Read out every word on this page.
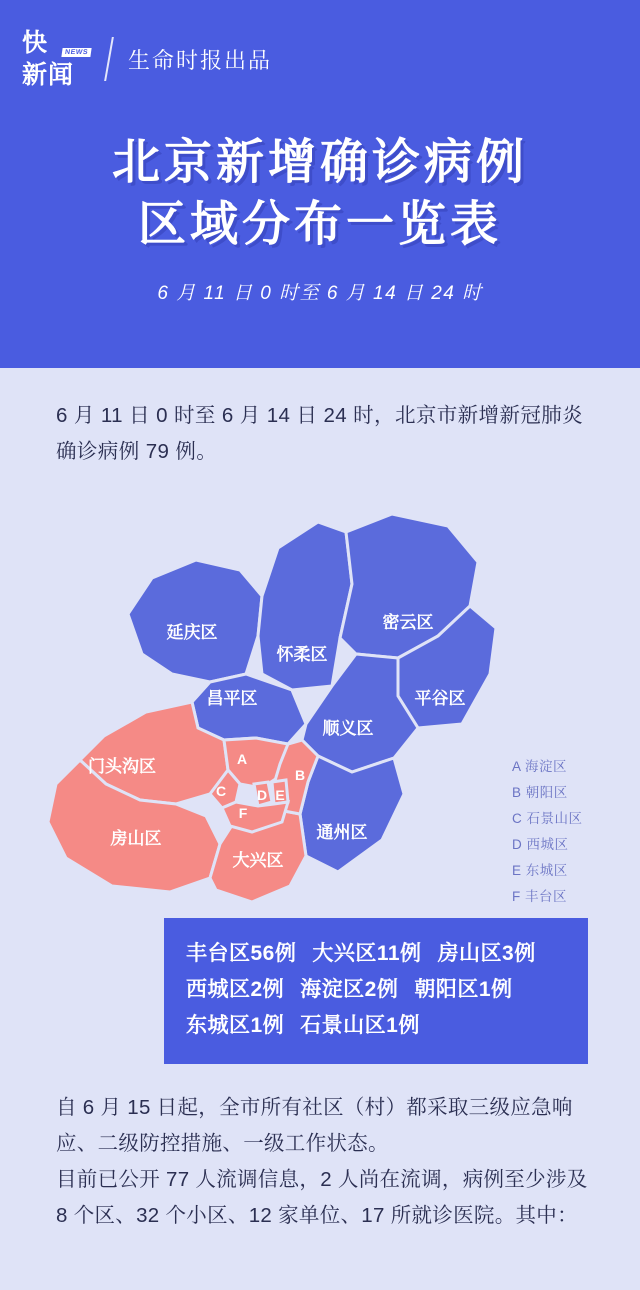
快
新闻
NEWS 生命时报出品
北京新增确诊病例
区域分布一览表
6 月 11 日 0 时至 6 月 14 日 24 时
6 月 11 日 0 时至 6 月 14 日 24 时，北京市新增新冠肺炎确诊病例 79 例。
延庆区
怀柔区
密云区
昌平区	平谷区
顺义区
门头沟区
房山区
大兴区
通州区
A
B
C D E
F
A 海淀区
B 朝阳区
C 石景山区
D 西城区
E 东城区
F 丰台区
丰台区56例 大兴区11例 房山区3例
西城区2例 海淀区2例 朝阳区1例
东城区1例 石景山区1例

自 6 月 15 日起，全市所有社区（村）都采取三级应急响应、二级防控措施、一级工作状态。

目前已公开 77 人流调信息，2 人尚在流调，病例至少涉及 8 个区、32 个小区、12 家单位、17 所就诊医院。其中：
